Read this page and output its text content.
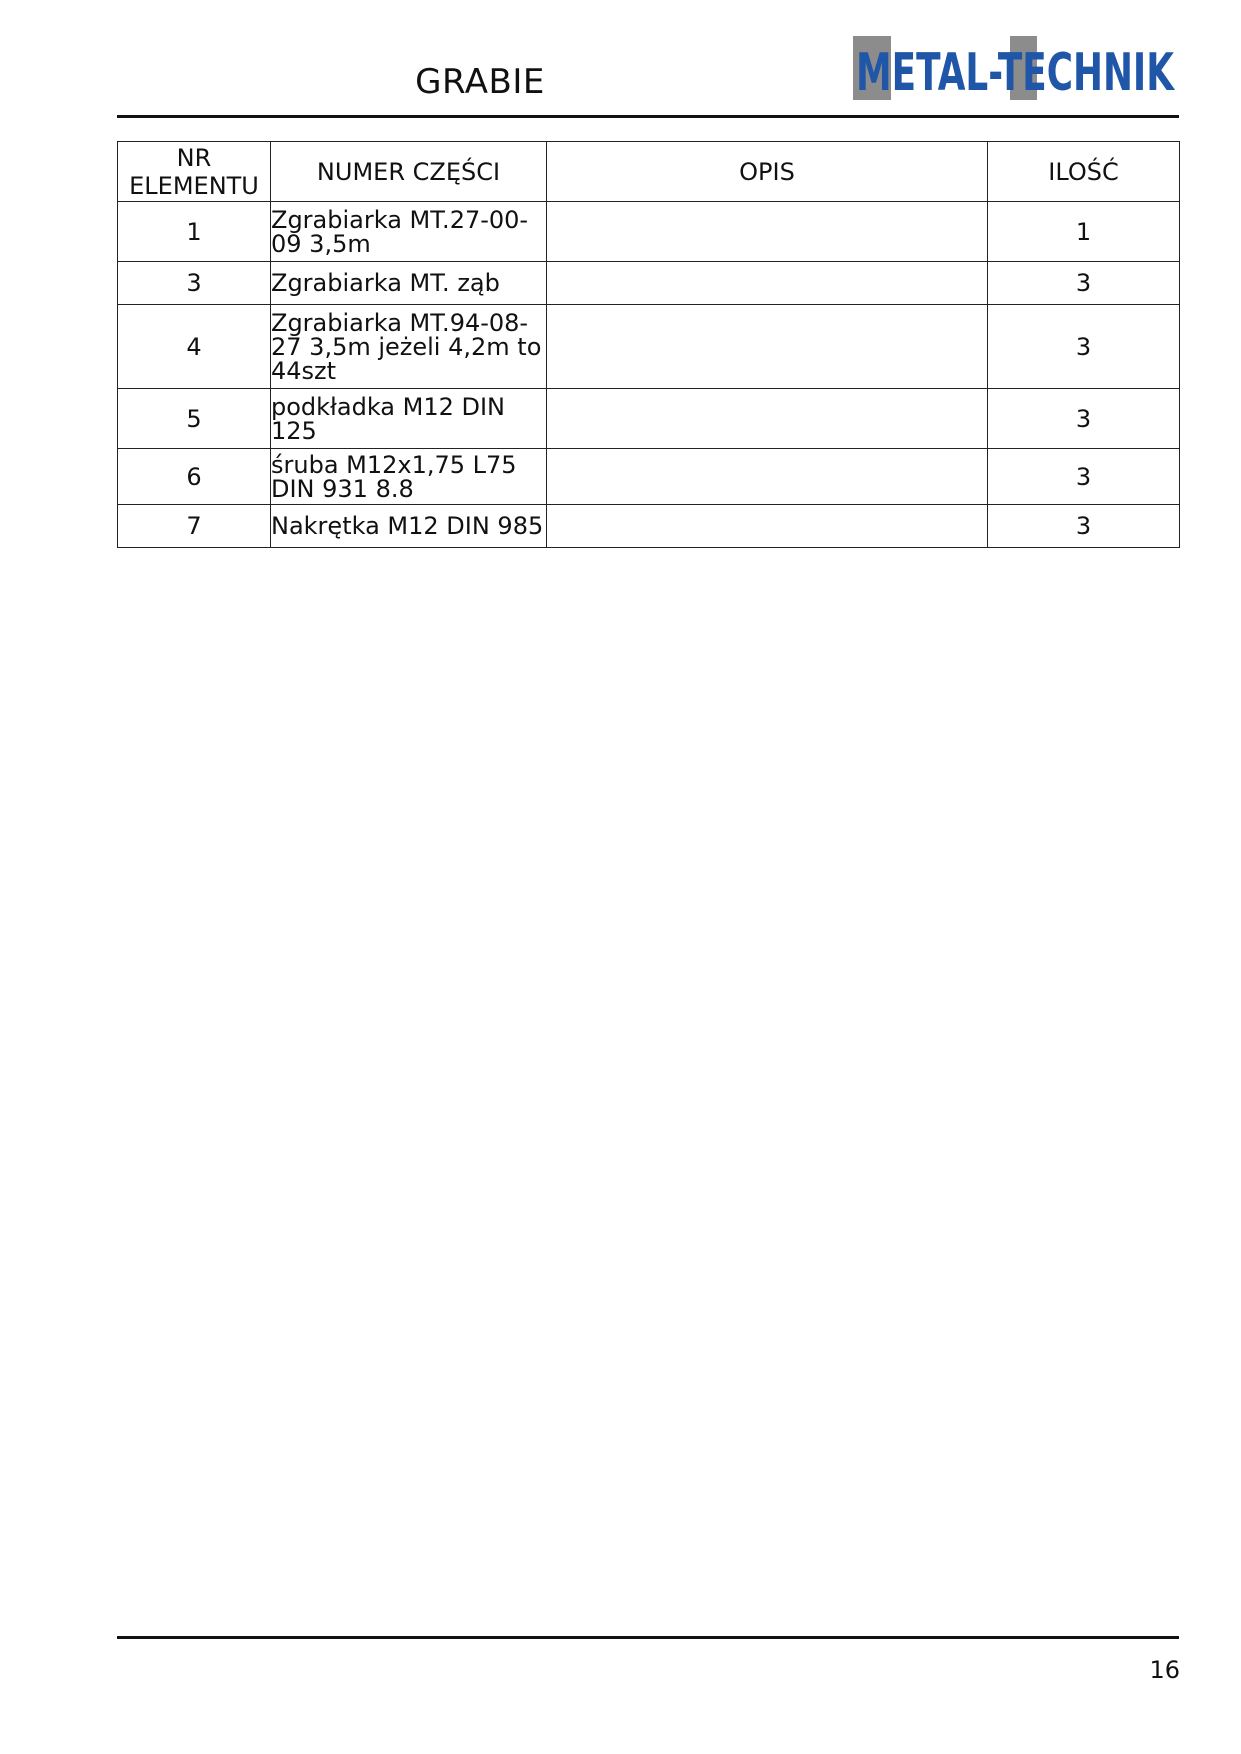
GRABIE	METAL-TECHNIK
NR
ELEMENTU	NUMER CZĘŚCI	OPIS	ILOŚĆ
1	Zgrabiarka MT.27-00-09 3,5m		1
3	Zgrabiarka MT. ząb		3
4	Zgrabiarka MT.94-08-27 3,5m jeżeli 4,2m to 44szt		3
5	podkładka M12 DIN 125		3
6	śruba M12x1,75 L75 DIN 931 8.8		3
7	Nakrętka M12 DIN 985		3
16
